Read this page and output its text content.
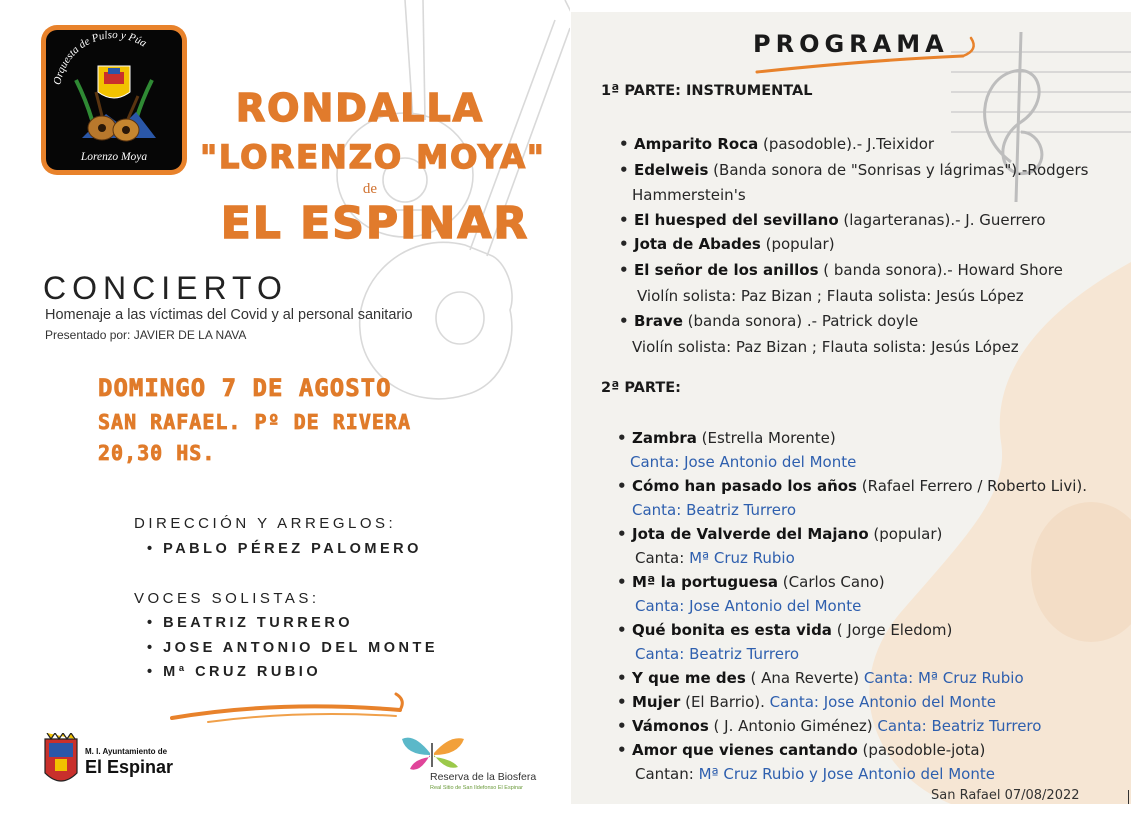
Orquesta de Pulso y Púa
Lorenzo Moya
RONDALLA
"LORENZO MOYA"
de
EL ESPINAR
CONCIERTO
Homenaje a las víctimas del Covid y al personal sanitario
Presentado por: JAVIER DE LA NAVA
DOMINGO 7 DE AGOSTO
SAN RAFAEL. Pº DE RIVERA
20,30 HS.
DIRECCIÓN Y ARREGLOS:
• PABLO PÉREZ PALOMERO
VOCES SOLISTAS:
• BEATRIZ TURRERO
• JOSE ANTONIO DEL MONTE
• Mª CRUZ RUBIO
M. I. Ayuntamiento de
El Espinar	Reserva de la Biosfera
Real Sitio de San Ildefonso El Espinar
PROGRAMA
1ª PARTE: INSTRUMENTAL
• Amparito Roca (pasodoble).- J.Teixidor
• Edelweis (Banda sonora de "Sonrisas y lágrimas").-Rodgers
Hammerstein's
• El huesped del sevillano (lagarteranas).- J. Guerrero
• Jota de Abades (popular)
• El señor de los anillos ( banda sonora).- Howard Shore
Violín solista: Paz Bizan ; Flauta solista: Jesús López
• Brave (banda sonora) .- Patrick doyle
Violín solista: Paz Bizan ; Flauta solista: Jesús López
2ª PARTE:
• Zambra (Estrella Morente)
Canta: Jose Antonio del Monte
• Cómo han pasado los años (Rafael Ferrero / Roberto Livi).
Canta: Beatriz Turrero
• Jota de Valverde del Majano (popular)
Canta: Mª Cruz Rubio
• Mª la portuguesa (Carlos Cano)
Canta: Jose Antonio del Monte
• Qué bonita es esta vida ( Jorge Eledom)
Canta: Beatriz Turrero
• Y que me des ( Ana Reverte) Canta: Mª Cruz Rubio
• Mujer (El Barrio). Canta: Jose Antonio del Monte
• Vámonos ( J. Antonio Giménez) Canta: Beatriz Turrero
• Amor que vienes cantando (pasodoble-jota)
Cantan: Mª Cruz Rubio y Jose Antonio del Monte
San Rafael 07/08/2022
